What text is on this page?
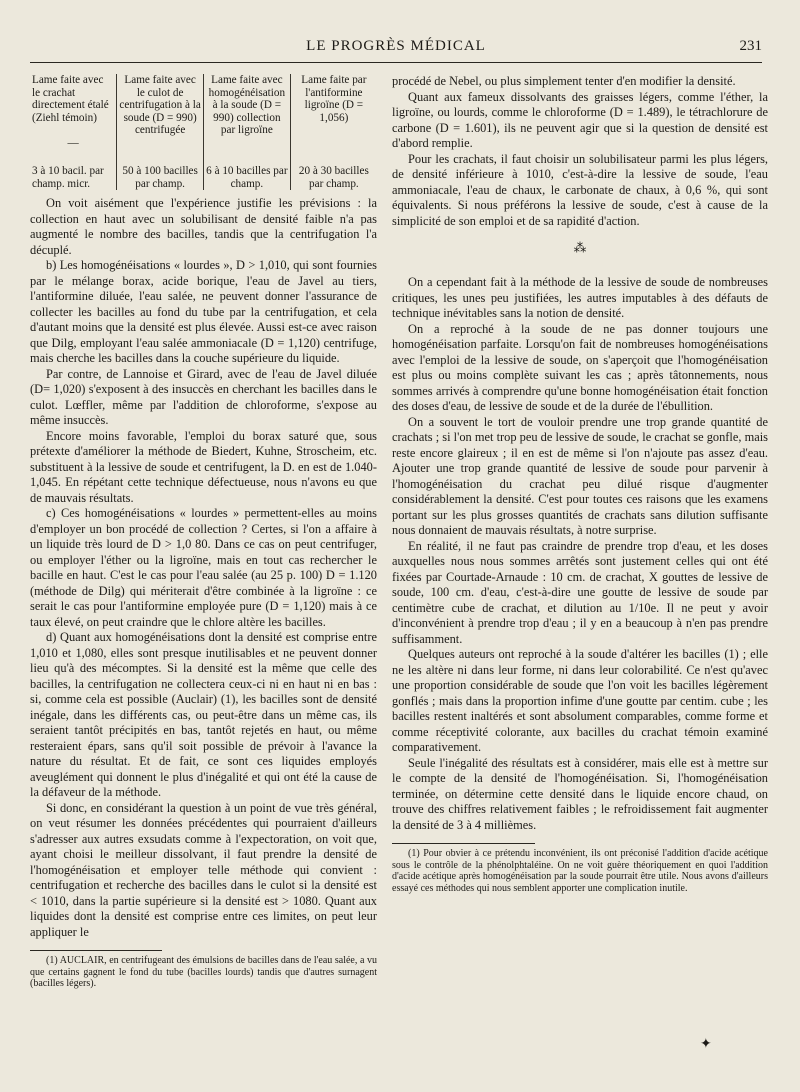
LE PROGRÈS MÉDICAL	231
Lame faite avec le crachat directement étalé (Ziehl témoin)	Lame faite avec le culot de centrifugation à la soude (D = 990) centrifugée	Lame faite avec homogénéisation à la soude (D = 990) collection par ligroïne	Lame faite par l'antiformine ligroïne (D = 1,056)
—			
3 à 10 bacil. par champ. micr.	50 à 100 bacilles par champ.	6 à 10 bacilles par champ.	20 à 30 bacilles par champ.

On voit aisément que l'expérience justifie les prévisions : la collection en haut avec un solubilisant de densité faible n'a pas augmenté le nombre des bacilles, tandis que la centrifugation l'a décuplé.

b) Les homogénéisations « lourdes », D > 1,010, qui sont fournies par le mélange borax, acide borique, l'eau de Javel au tiers, l'antiformine diluée, l'eau salée, ne peuvent donner l'assurance de collecter les bacilles au fond du tube par la centrifugation, et cela d'autant moins que la densité est plus élevée. Aussi est-ce avec raison que Dilg, employant l'eau salée ammoniacale (D = 1,120) centrifuge, mais cherche les bacilles dans la couche supérieure du liquide.

Par contre, de Lannoise et Girard, avec de l'eau de Javel diluée (D= 1,020) s'exposent à des insuccès en cherchant les bacilles dans le culot. Lœffler, même par l'addition de chloroforme, s'expose au même insuccès.

Encore moins favorable, l'emploi du borax saturé que, sous prétexte d'améliorer la méthode de Biedert, Kuhne, Stroscheim, etc. substituent à la lessive de soude et centrifugent, la D. en est de 1.040-1,045. En répétant cette technique défectueuse, nous n'avons eu que de mauvais résultats.

c) Ces homogénéisations « lourdes » permettent-elles au moins d'employer un bon procédé de collection ? Certes, si l'on a affaire à un liquide très lourd de D > 1,0 80. Dans ce cas on peut centrifuger, ou employer l'éther ou la ligroïne, mais en tout cas rechercher le bacille en haut. C'est le cas pour l'eau salée (au 25 p. 100) D = 1.120 (méthode de Dilg) qui mériterait d'être combinée à la ligroïne : ce serait le cas pour l'antiformine employée pure (D = 1,120) mais à ce taux élevé, on peut craindre que le chlore altère les bacilles.

d) Quant aux homogénéisations dont la densité est comprise entre 1,010 et 1,080, elles sont presque inutilisables et ne peuvent donner lieu qu'à des mécomptes. Si la densité est la même que celle des bacilles, la centrifugation ne collectera ceux-ci ni en haut ni en bas : si, comme cela est possible (Auclair) (1), les bacilles sont de densité inégale, dans les différents cas, ou peut-être dans un même cas, ils seraient tantôt précipités en bas, tantôt rejetés en haut, ou même resteraient épars, sans qu'il soit possible de prévoir à l'avance la nature du résultat. Et de fait, ce sont ces liquides employés aveuglément qui donnent le plus d'inégalité et qui ont été la cause de la défaveur de la méthode.

Si donc, en considérant la question à un point de vue très général, on veut résumer les données précédentes qui pourraient d'ailleurs s'adresser aux autres exsudats comme à l'expectoration, on voit que, ayant choisi le meilleur dissolvant, il faut prendre la densité de l'homogénéisation et employer telle méthode qui convient : centrifugation et recherche des bacilles dans le culot si la densité est < 1010, dans la partie supérieure si la densité est > 1080. Quant aux liquides dont la densité est comprise entre ces limites, on peut leur appliquer le

(1) AUCLAIR, en centrifugeant des émulsions de bacilles dans de l'eau salée, a vu que certains gagnent le fond du tube (bacilles lourds) tandis que d'autres surnagent (bacilles légers).

procédé de Nebel, ou plus simplement tenter d'en modifier la densité.

Quant aux fameux dissolvants des graisses légers, comme l'éther, la ligroïne, ou lourds, comme le chloroforme (D = 1.489), le tétrachlorure de carbone (D = 1.601), ils ne peuvent agir que si la question de densité est d'abord remplie.

Pour les crachats, il faut choisir un solubilisateur parmi les plus légers, de densité inférieure à 1010, c'est-à-dire la lessive de soude, l'eau ammoniacale, l'eau de chaux, le carbonate de chaux, à 0,6 %, qui sont équivalents. Si nous préférons la lessive de soude, c'est à cause de la simplicité de son emploi et de sa rapidité d'action.

⁂

On a cependant fait à la méthode de la lessive de soude de nombreuses critiques, les unes peu justifiées, les autres imputables à des défauts de technique inévitables sans la notion de densité.

On a reproché à la soude de ne pas donner toujours une homogénéisation parfaite. Lorsqu'on fait de nombreuses homogénéisations avec l'emploi de la lessive de soude, on s'aperçoit que l'homogénéisation est plus ou moins complète suivant les cas ; après tâtonnements, nous sommes arrivés à comprendre qu'une bonne homogénéisation était fonction des doses d'eau, de lessive de soude et de la durée de l'ébullition.

On a souvent le tort de vouloir prendre une trop grande quantité de crachats ; si l'on met trop peu de lessive de soude, le crachat se gonfle, mais reste encore glaireux ; il en est de même si l'on n'ajoute pas assez d'eau. Ajouter une trop grande quantité de lessive de soude pour parvenir à l'homogénéisation du crachat peu dilué risque d'augmenter considérablement la densité. C'est pour toutes ces raisons que les examens portant sur les plus grosses quantités de crachats sans dilution suffisante nous donnaient de mauvais résultats, à notre surprise.

En réalité, il ne faut pas craindre de prendre trop d'eau, et les doses auxquelles nous nous sommes arrêtés sont justement celles qui ont été fixées par Courtade-Arnaude : 10 cm. de crachat, X gouttes de lessive de soude, 100 cm. d'eau, c'est-à-dire une goutte de lessive de soude par centimètre cube de crachat, et dilution au 1/10e. Il ne peut y avoir d'inconvénient à prendre trop d'eau ; il y en a beaucoup à n'en pas prendre suffisamment.

Quelques auteurs ont reproché à la soude d'altérer les bacilles (1) ; elle ne les altère ni dans leur forme, ni dans leur colorabilité. Ce n'est qu'avec une proportion considérable de soude que l'on voit les bacilles légèrement gonflés ; mais dans la proportion infime d'une goutte par centim. cube ; les bacilles restent inaltérés et sont absolument comparables, comme forme et comme réceptivité colorante, aux bacilles du crachat témoin examiné comparativement.

Seule l'inégalité des résultats est à considérer, mais elle est à mettre sur le compte de la densité de l'homogénéisation. Si, l'homogénéisation terminée, on détermine cette densité dans le liquide encore chaud, on trouve des chiffres relativement faibles ; le refroidissement fait augmenter la densité de 3 à 4 millièmes.

(1) Pour obvier à ce prétendu inconvénient, ils ont préconisé l'addition d'acide acétique sous le contrôle de la phénolphtaléine. On ne voit guère théoriquement en quoi l'addition d'acide acétique après homogénéisation par la soude pourrait être utile. Nous avons d'ailleurs essayé ces méthodes qui nous semblent apporter une complication inutile.

✦
